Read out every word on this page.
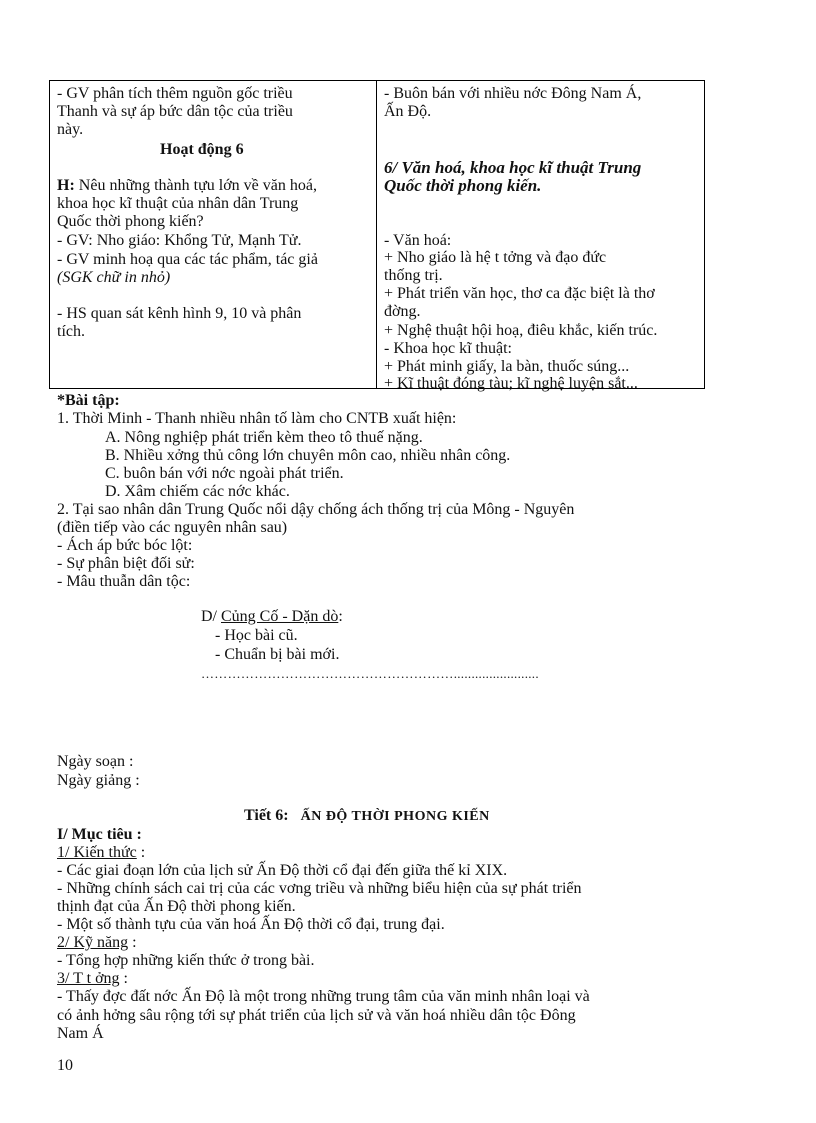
- GV phân tích thêm nguồn gốc triều
Thanh và sự áp bức dân tộc của triều
này.
Hoạt động 6
H: Nêu những thành tựu lớn về văn hoá,
khoa học kĩ thuật của nhân dân Trung
Quốc thời phong kiến?
- GV: Nho giáo: Khổng Tử, Mạnh Tử.
- GV minh hoạ qua các tác phẩm, tác giả
(SGK chữ in nhỏ)
- HS quan sát kênh hình 9, 10 và phân
tích.

- Buôn bán với nhiều nớc Đông Nam Á,
Ấn Độ.
6/ Văn hoá, khoa học kĩ thuật Trung
Quốc thời phong kiến.
- Văn hoá:
+ Nho giáo là hệ t tởng và đạo đức
thống trị.
+ Phát triển văn học, thơ ca đặc biệt là thơ
đờng.
+ Nghệ thuật hội hoạ, điêu khắc, kiến trúc.
- Khoa học kĩ thuật:
+ Phát minh giấy, la bàn, thuốc súng...
+ Kĩ thuật đóng tàu; kĩ nghệ luyện sắt...
*Bài tập:
1. Thời Minh - Thanh nhiều nhân tố làm cho CNTB xuất hiện:
A. Nông nghiệp phát triển kèm theo tô thuế nặng.
B. Nhiều xởng thủ công lớn chuyên môn cao, nhiều nhân công.
C. buôn bán với nớc ngoài phát triển.
D. Xâm chiếm các nớc khác.
2. Tại sao nhân dân Trung Quốc nổi dậy chống ách thống trị của Mông - Nguyên
(điền tiếp vào các nguyên nhân sau)
- Ách áp bức bóc lột:
- Sự phân biệt đối sử:
- Mâu thuẫn dân tộc:
D/ Củng Cố - Dặn dò:
- Học bài cũ.
- Chuẩn bị bài mới.
…………………………………………………........................
Ngày soạn :
Ngày giảng :
Tiết 6: ẤN ĐỘ THỜI PHONG KIẾN
I/ Mục tiêu :
1/ Kiến thức :
- Các giai đoạn lớn của lịch sử Ấn Độ thời cổ đại đến giữa thế kỉ XIX.
- Những chính sách cai trị của các vơng triều và những biểu hiện của sự phát triển
thịnh đạt của Ấn Độ thời phong kiến.
- Một số thành tựu của văn hoá Ấn Độ thời cổ đại, trung đại.
2/ Kỹ năng :
- Tổng hợp những kiến thức ở trong bài.
3/ T t ởng :
- Thấy đợc đất nớc Ấn Độ là một trong những trung tâm của văn minh nhân loại và
có ảnh hởng sâu rộng tới sự phát triển của lịch sử và văn hoá nhiều dân tộc Đông
Nam Á
10
